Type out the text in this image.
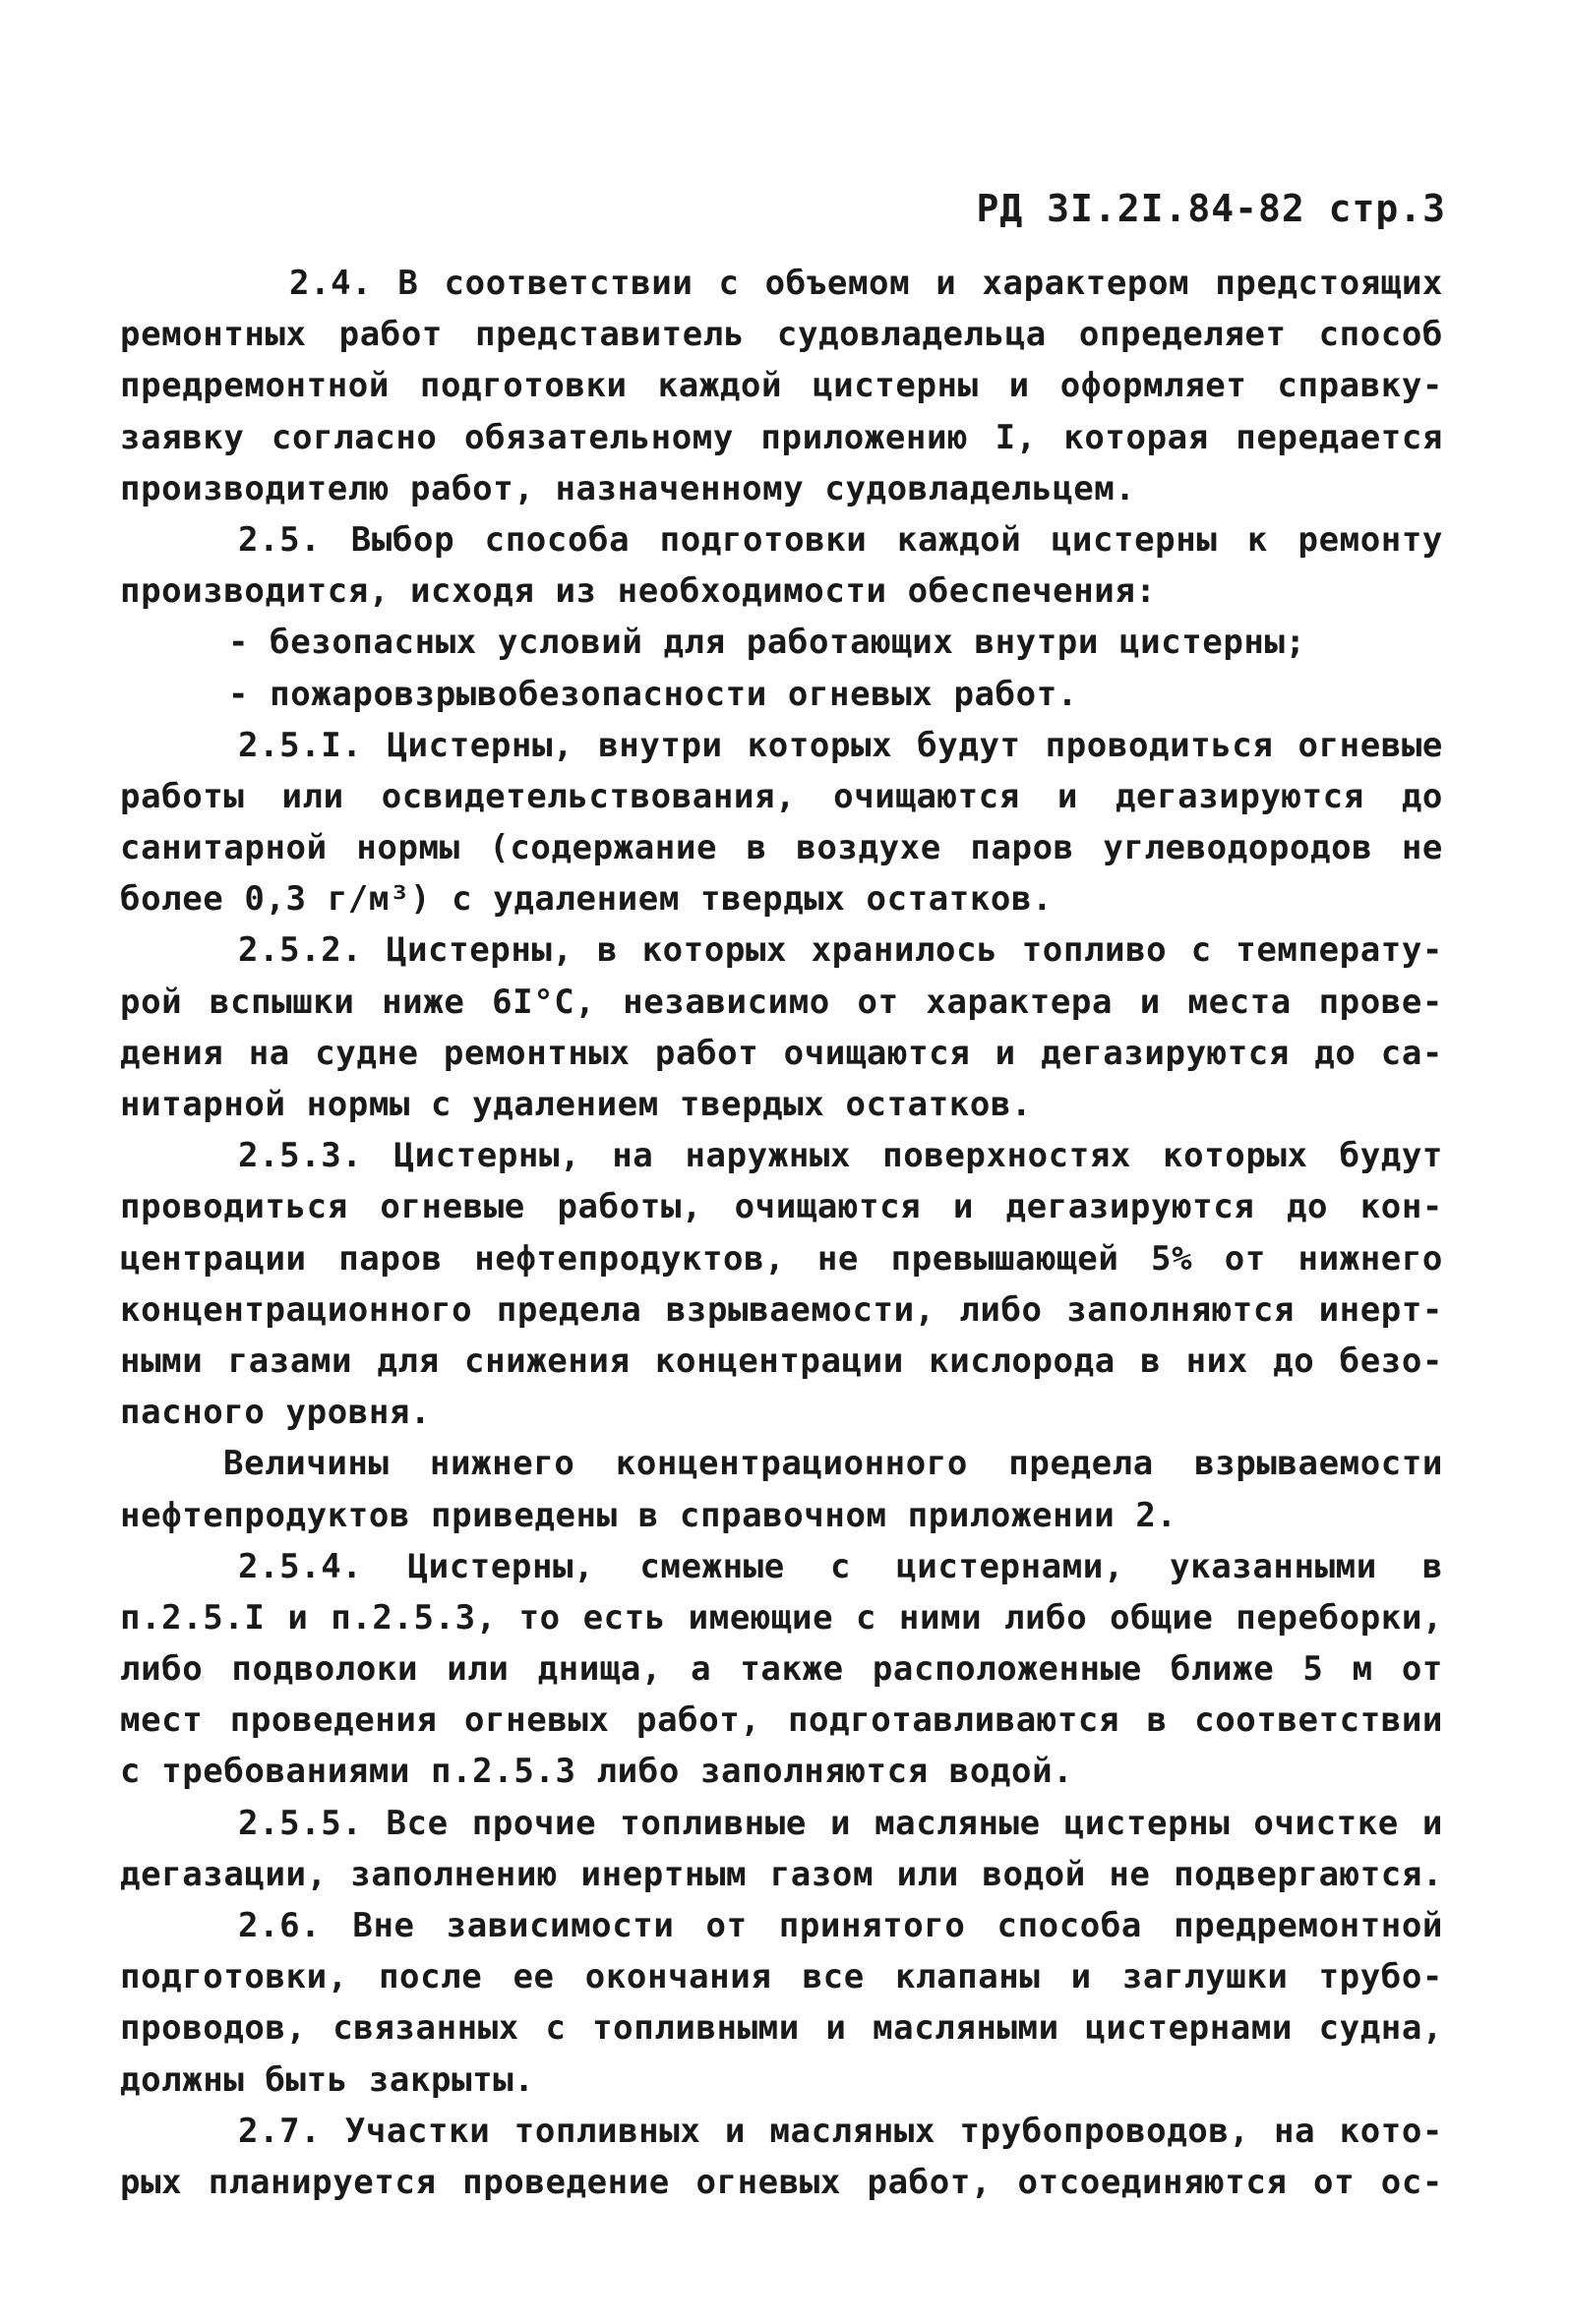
РД 3I.2I.84-82 стр.3
2.4. В соответствии с объемом и характером предстоящих
ремонтных работ представитель судовладельца определяет способ
предремонтной подготовки каждой цистерны и оформляет справку-
заявку согласно обязательному приложению I, которая передается
производителю работ, назначенному судовладельцем.
2.5. Выбор способа подготовки каждой цистерны к ремонту
производится, исходя из необходимости обеспечения:
- безопасных условий для работающих внутри цистерны;
- пожаровзрывобезопасности огневых работ.
2.5.I. Цистерны, внутри которых будут проводиться огневые
работы или освидетельствования, очищаются и дегазируются до
санитарной нормы (содержание в воздухе паров углеводородов не
более 0,3 г/м³) с удалением твердых остатков.
2.5.2. Цистерны, в которых хранилось топливо с температу-
рой вспышки ниже 6I°С, независимо от характера и места прове-
дения на судне ремонтных работ очищаются и дегазируются до са-
нитарной нормы с удалением твердых остатков.
2.5.3. Цистерны, на наружных поверхностях которых будут
проводиться огневые работы, очищаются и дегазируются до кон-
центрации паров нефтепродуктов, не превышающей 5% от нижнего
концентрационного предела взрываемости, либо заполняются инерт-
ными газами для снижения концентрации кислорода в них до безо-
пасного уровня.
Величины нижнего концентрационного предела взрываемости
нефтепродуктов приведены в справочном приложении 2.
2.5.4. Цистерны, смежные с цистернами, указанными в
п.2.5.I и п.2.5.3, то есть имеющие с ними либо общие переборки,
либо подволоки или днища, а также расположенные ближе 5 м от
мест проведения огневых работ, подготавливаются в соответствии
с требованиями п.2.5.3 либо заполняются водой.
2.5.5. Все прочие топливные и масляные цистерны очистке и
дегазации, заполнению инертным газом или водой не подвергаются.
2.6. Вне зависимости от принятого способа предремонтной
подготовки, после ее окончания все клапаны и заглушки трубо-
проводов, связанных с топливными и масляными цистернами судна,
должны быть закрыты.
2.7. Участки топливных и масляных трубопроводов, на кото-
рых планируется проведение огневых работ, отсоединяются от ос-
